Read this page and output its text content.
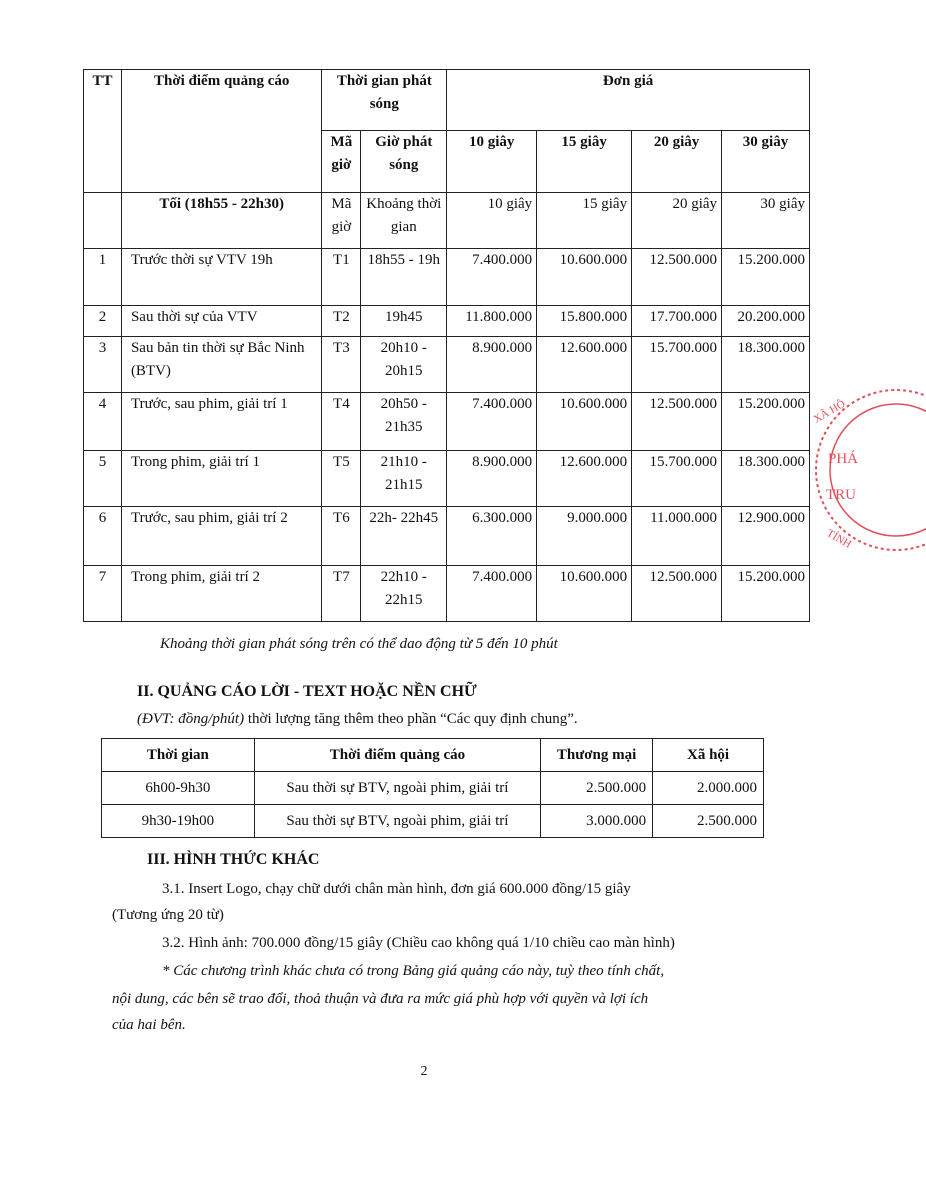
TT	Thời điểm quảng cáo	Thời gian phát sóng		Đơn giá			
		Mã giờ	Giờ phát sóng	10 giây	15 giây	20 giây	30 giây
	Tối (18h55 - 22h30)	Mã giờ	Khoảng thời gian	10 giây	15 giây	20 giây	30 giây
1	Trước thời sự VTV 19h	T1	18h55 - 19h	7.400.000	10.600.000	12.500.000	15.200.000
2	Sau thời sự của VTV	T2	19h45	11.800.000	15.800.000	17.700.000	20.200.000
3	Sau bản tin thời sự Bắc Ninh (BTV)	T3	20h10 - 20h15	8.900.000	12.600.000	15.700.000	18.300.000
4	Trước, sau phim, giải trí 1	T4	20h50 - 21h35	7.400.000	10.600.000	12.500.000	15.200.000
5	Trong phim, giải trí 1	T5	21h10 - 21h15	8.900.000	12.600.000	15.700.000	18.300.000
6	Trước, sau phim, giải trí 2	T6	22h- 22h45	6.300.000	9.000.000	11.000.000	12.900.000
7	Trong phim, giải trí 2	T7	22h10 - 22h15	7.400.000	10.600.000	12.500.000	15.200.000
Khoảng thời gian phát sóng trên có thể dao động từ 5 đến 10 phút
II. QUẢNG CÁO LỜI - TEXT HOẶC NỀN CHỮ
(ĐVT: đồng/phút) thời lượng tăng thêm theo phần “Các quy định chung”.
Thời gian	Thời điểm quảng cáo	Thương mại	Xã hội
6h00-9h30	Sau thời sự BTV, ngoài phim, giải trí	2.500.000	2.000.000
9h30-19h00	Sau thời sự BTV, ngoài phim, giải trí	3.000.000	2.500.000
III. HÌNH THỨC KHÁC
3.1. Insert Logo, chạy chữ dưới chân màn hình, đơn giá 600.000 đồng/15 giây
(Tương ứng 20 từ)
3.2. Hình ảnh: 700.000 đồng/15 giây (Chiều cao không quá 1/10 chiều cao màn hình)
* Các chương trình khác chưa có trong Bảng giá quảng cáo này, tuỳ theo tính chất,
nội dung, các bên sẽ trao đổi, thoả thuận và đưa ra mức giá phù hợp với quyền và lợi ích
của hai bên.
2
XÃ HỘ
PHÁ
TRU
TỈNH
